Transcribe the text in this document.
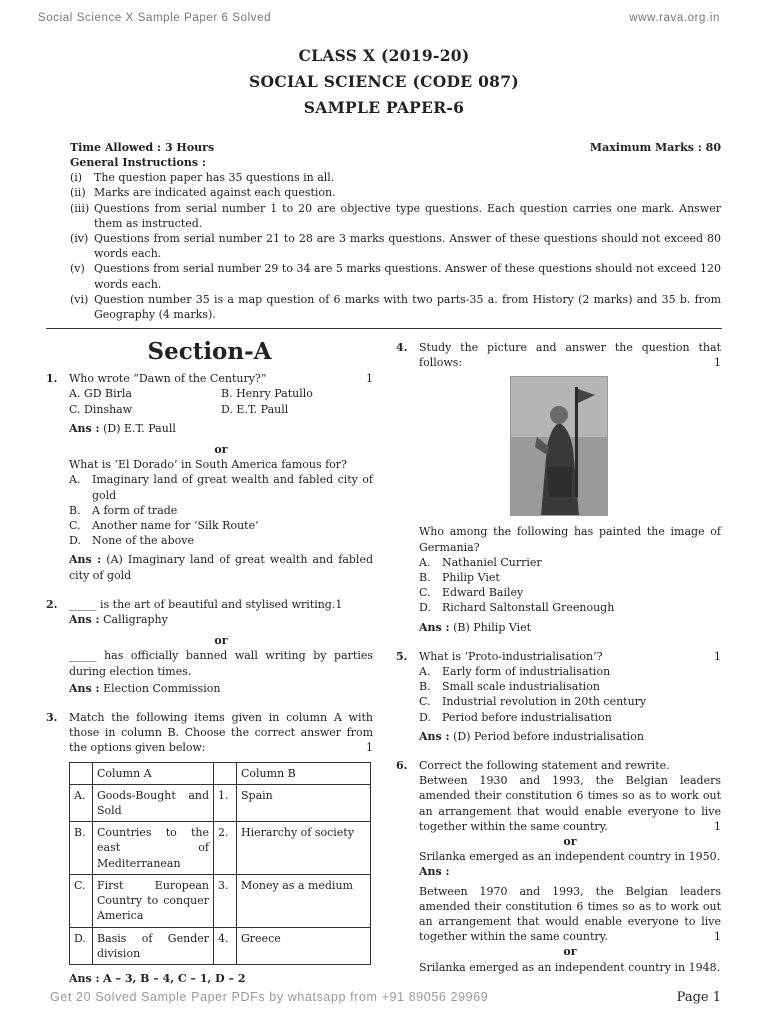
Social Science X Sample Paper 6 Solved	www.rava.org.in
CLASS X (2019-20)
SOCIAL SCIENCE (CODE 087)
SAMPLE PAPER-6
Time Allowed : 3 Hours	Maximum Marks : 80
General Instructions :
(i)	The question paper has 35 questions in all.
(ii) Marks are indicated against each question.
(iii) Questions from serial number 1 to 20 are objective type questions. Each question carries one mark. Answer them as instructed.
(iv) Questions from serial number 21 to 28 are 3 marks questions. Answer of these questions should not exceed 80 words each.
(v) Questions from serial number 29 to 34 are 5 marks questions. Answer of these questions should not exceed 120 words each.
(vi) Question number 35 is a map question of 6 marks with two parts-35 a. from History (2 marks) and 35 b. from Geography (4 marks).
Section-A
1.	Who wrote “Dawn of the Century?”	1
A. GD Birla	B. Henry Patullo
C. Dinshaw	D. E.T. Paull
Ans : (D) E.T. Paull
or
What is ‘El Dorado’ in South America famous for?
A.	Imaginary land of great wealth and fabled city of gold
B.	A form of trade
C.	Another name for ‘Silk Route’
D.	None of the above
Ans : (A) Imaginary land of great wealth and fabled city of gold
2.	_____ is the art of beautiful and stylised writing.1
Ans : Calligraphy
or
_____ has officially banned wall writing by parties during election times.
Ans : Election Commission
3.	Match the following items given in column A with those in column B. Choose the correct answer from the options given below:	1
	Column A		Column B
A.	Goods-Bought and Sold	1.	Spain
B.	Countries to the east of Mediterranean	2.	Hierarchy of society
C.	First European Country to conquer America	3.	Money as a medium
D.	Basis of Gender division	4.	Greece
Ans : A – 3, B – 4, C – 1, D – 2
4.	Study the picture and answer the question that follows:	1
Who among the following has painted the image of Germania?
A.	Nathaniel Currier
B.	Philip Viet
C.	Edward Bailey
D.	Richard Saltonstall Greenough
Ans : (B) Philip Viet
5.	What is ‘Proto-industrialisation’?	1
A.	Early form of industrialisation
B.	Small scale industrialisation
C.	Industrial revolution in 20th century
D.	Period before industrialisation
Ans : (D) Period before industrialisation
6.	Correct the following statement and rewrite.
Between 1930 and 1993, the Belgian leaders amended their constitution 6 times so as to work out an arrangement that would enable everyone to live together within the same country.	1
or
Srilanka emerged as an independent country in 1950.
Ans :
Between 1970 and 1993, the Belgian leaders amended their constitution 6 times so as to work out an arrangement that would enable everyone to live together within the same country.	1
or
Srilanka emerged as an independent country in 1948.
Get 20 Solved Sample Paper PDFs by whatsapp from +91 89056 29969	Page 1
